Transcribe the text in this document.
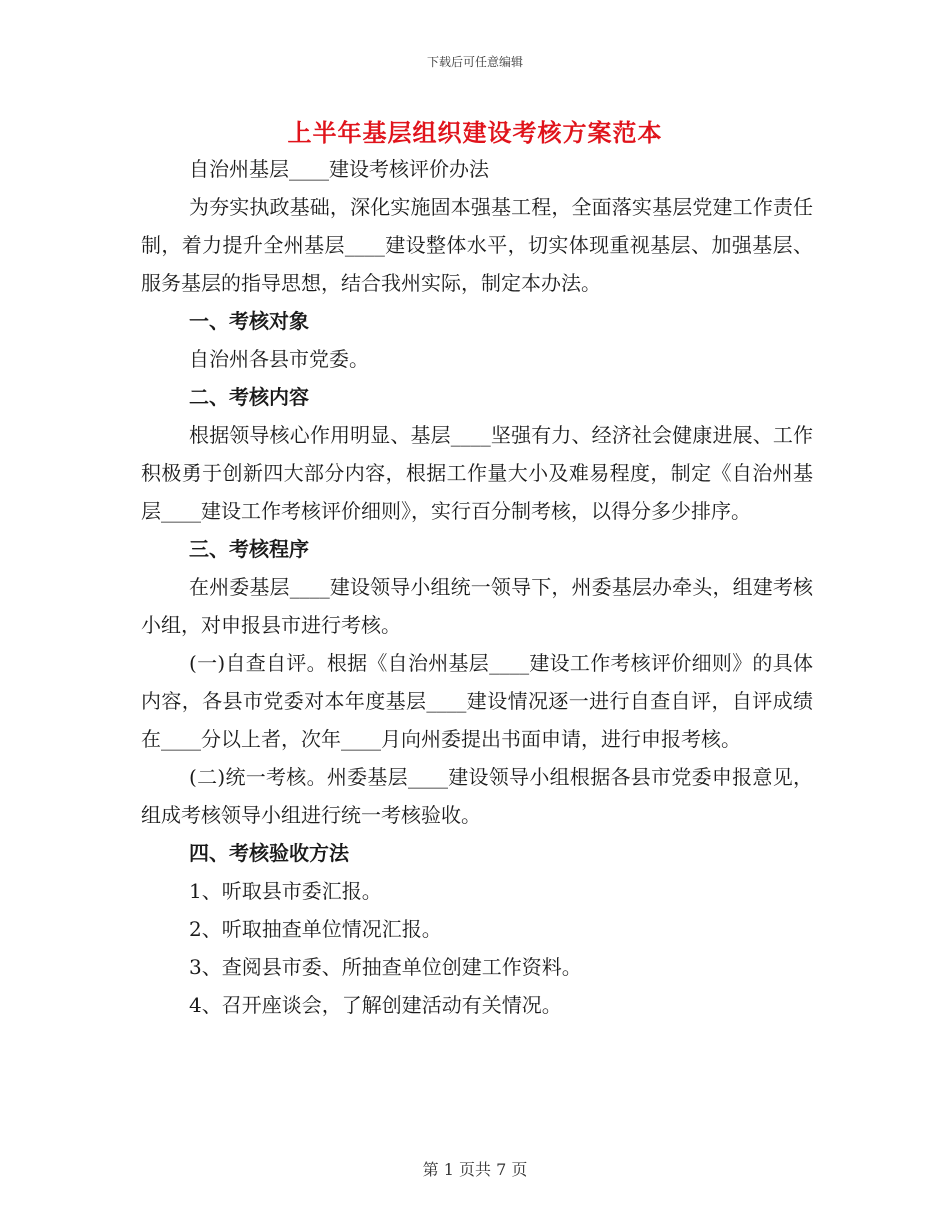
下载后可任意编辑
上半年基层组织建设考核方案范本

自治州基层____建设考核评价办法

为夯实执政基础，深化实施固本强基工程，全面落实基层党建工作责任制，着力提升全州基层____建设整体水平，切实体现重视基层、加强基层、服务基层的指导思想，结合我州实际，制定本办法。

一、考核对象

自治州各县市党委。

二、考核内容

根据领导核心作用明显、基层____坚强有力、经济社会健康进展、工作积极勇于创新四大部分内容，根据工作量大小及难易程度，制定《自治州基层____建设工作考核评价细则》，实行百分制考核，以得分多少排序。

三、考核程序

在州委基层____建设领导小组统一领导下，州委基层办牵头，组建考核小组，对申报县市进行考核。

(一)自查自评。根据《自治州基层____建设工作考核评价细则》的具体内容，各县市党委对本年度基层____建设情况逐一进行自查自评，自评成绩在____分以上者，次年____月向州委提出书面申请，进行申报考核。

(二)统一考核。州委基层____建设领导小组根据各县市党委申报意见，组成考核领导小组进行统一考核验收。

四、考核验收方法

1、听取县市委汇报。

2、听取抽查单位情况汇报。

3、查阅县市委、所抽查单位创建工作资料。

4、召开座谈会，了解创建活动有关情况。

第 1 页共 7 页
